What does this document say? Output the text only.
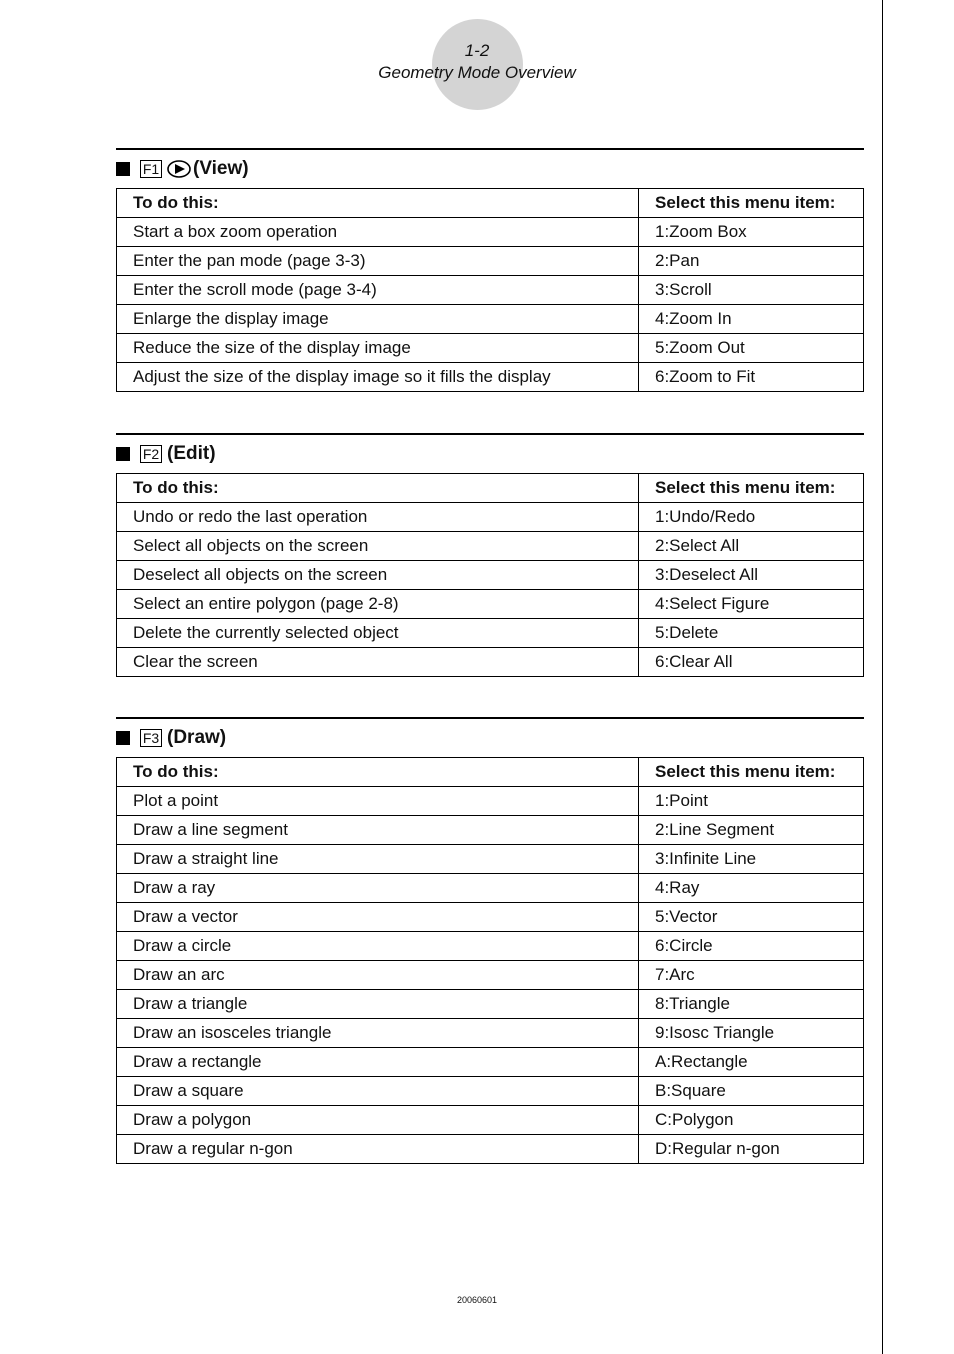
1-2
Geometry Mode Overview
F1 (View)
To do this:	Select this menu item:
Start a box zoom operation	1:Zoom Box
Enter the pan mode (page 3-3)	2:Pan
Enter the scroll mode (page 3-4)	3:Scroll
Enlarge the display image	4:Zoom In
Reduce the size of the display image	5:Zoom Out
Adjust the size of the display image so it fills the display	6:Zoom to Fit
F2 (Edit)
To do this:	Select this menu item:
Undo or redo the last operation	1:Undo/Redo
Select all objects on the screen	2:Select All
Deselect all objects on the screen	3:Deselect All
Select an entire polygon (page 2-8)	4:Select Figure
Delete the currently selected object	5:Delete
Clear the screen	6:Clear All
F3 (Draw)
To do this:	Select this menu item:
Plot a point	1:Point
Draw a line segment	2:Line Segment
Draw a straight line	3:Infinite Line
Draw a ray	4:Ray
Draw a vector	5:Vector
Draw a circle	6:Circle
Draw an arc	7:Arc
Draw a triangle	8:Triangle
Draw an isosceles triangle	9:Isosc Triangle
Draw a rectangle	A:Rectangle
Draw a square	B:Square
Draw a polygon	C:Polygon
Draw a regular n-gon	D:Regular n-gon
20060601
